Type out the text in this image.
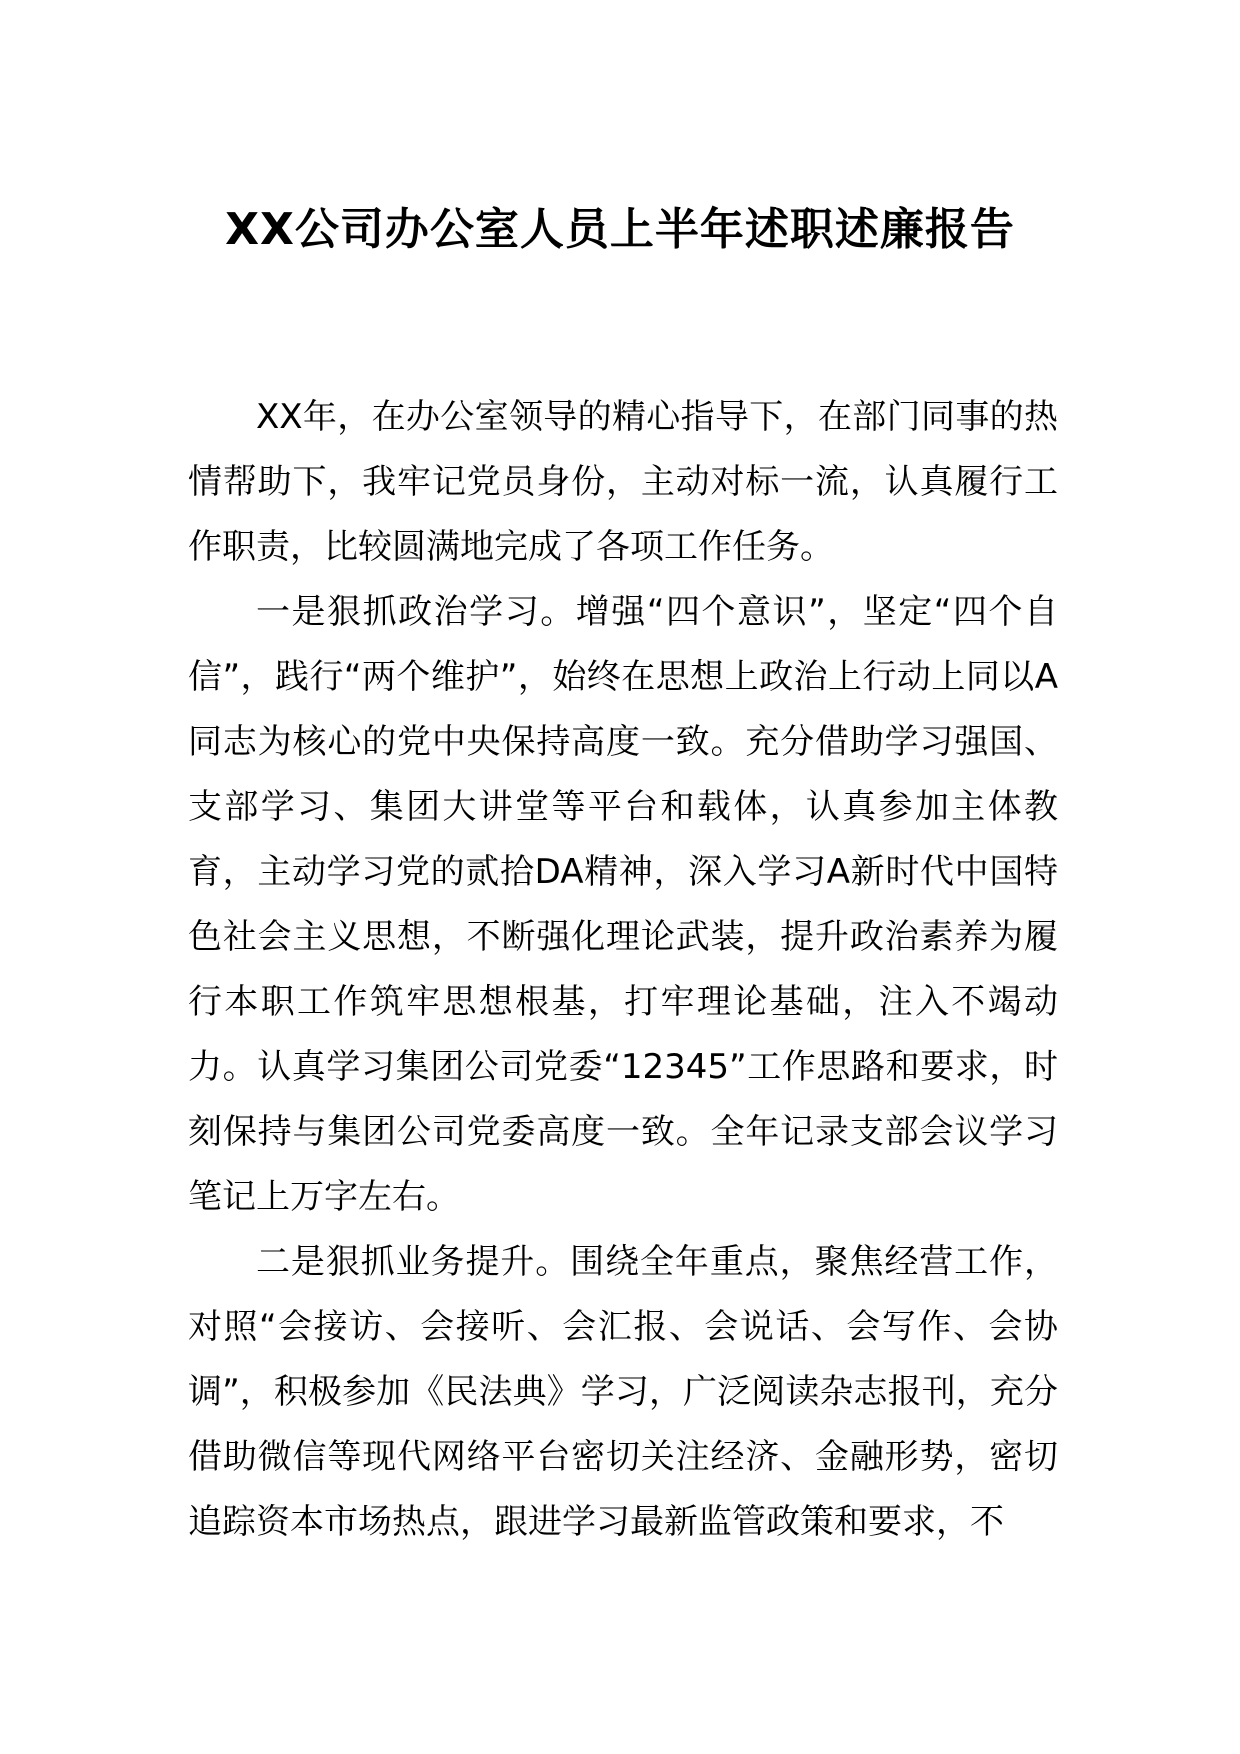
XX公司办公室人员上半年述职述廉报告

XX年，在办公室领导的精心指导下，在部门同事的热情帮助下，我牢记党员身份，主动对标一流，认真履行工作职责，比较圆满地完成了各项工作任务。

一是狠抓政治学习。增强“四个意识”，坚定“四个自信”，践行“两个维护”，始终在思想上政治上行动上同以A同志为核心的党中央保持高度一致。充分借助学习强国、支部学习、集团大讲堂等平台和载体，认真参加主体教育，主动学习党的贰拾DA精神，深入学习A新时代中国特色社会主义思想，不断强化理论武装，提升政治素养为履行本职工作筑牢思想根基，打牢理论基础，注入不竭动力。认真学习集团公司党委“12345”工作思路和要求，时刻保持与集团公司党委高度一致。全年记录支部会议学习笔记上万字左右。

二是狠抓业务提升。围绕全年重点，聚焦经营工作，对照“会接访、会接听、会汇报、会说话、会写作、会协调”，积极参加《民法典》学习，广泛阅读杂志报刊，充分借助微信等现代网络平台密切关注经济、金融形势，密切追踪资本市场热点，跟进学习最新监管政策和要求，不
